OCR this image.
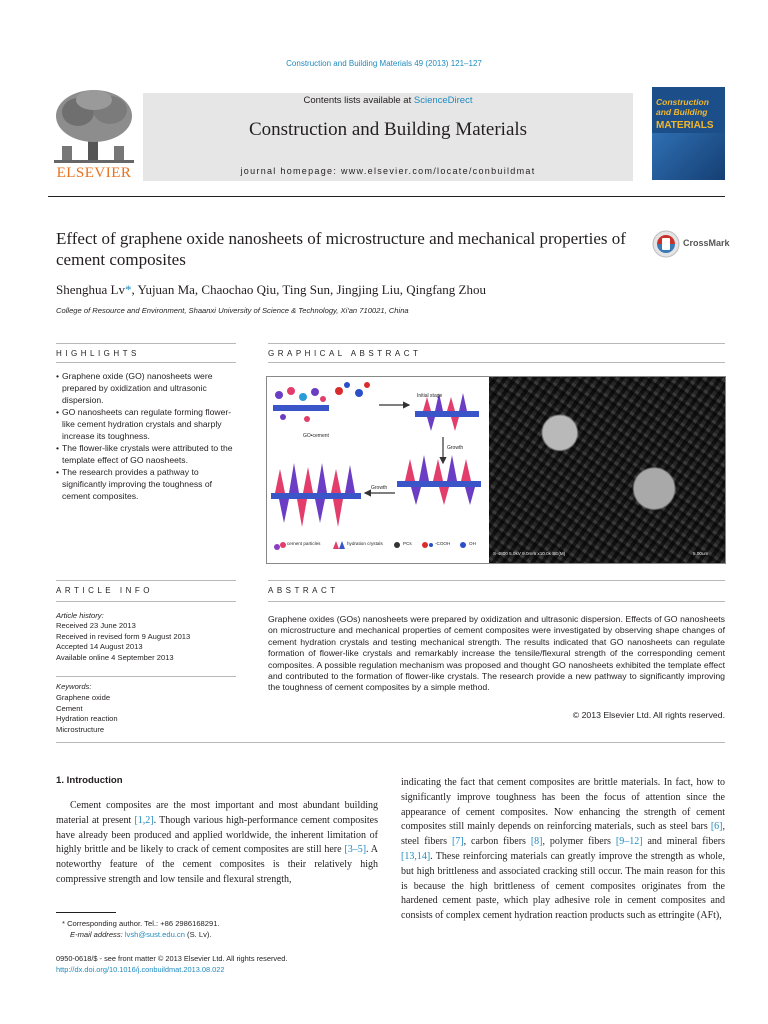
Construction and Building Materials 49 (2013) 121–127
ELSEVIER
Contents lists available at ScienceDirect
Construction and Building Materials
journal homepage: www.elsevier.com/locate/conbuildmat
Construction and Building
MATERIALS
Effect of graphene oxide nanosheets of microstructure and mechanical properties of cement composites
CrossMark
Shenghua Lv*, Yujuan Ma, Chaochao Qiu, Ting Sun, Jingjing Liu, Qingfang Zhou
College of Resource and Environment, Shaanxi University of Science & Technology, Xi'an 710021, China
HIGHLIGHTS	GRAPHICAL ABSTRACT
• Graphene oxide (GO) nanosheets were prepared by oxidization and ultrasonic dispersion.
• GO nanosheets can regulate forming flower-like cement hydration crystals and sharply increase its toughness.
• The flower-like crystals were attributed to the template effect of GO naosheets.
• The research provides a pathway to significantly improving the toughness of cement composites.
Initial stage
GO•cement
Growth
Growth
cement particles	hydration crystals	PCs	-COOH	OH
S-4800 5.0kV 9.0mm x10.0k SE(M)	5.00um
ARTICLE INFO	ABSTRACT
Article history:
Received 23 June 2013
Received in revised form 9 August 2013
Accepted 14 August 2013
Available online 4 September 2013
Keywords:
Graphene oxide
Cement
Hydration reaction
Microstructure
Graphene oxides (GOs) nanosheets were prepared by oxidization and ultrasonic dispersion. Effects of GO nanosheets on microstructure and mechanical properties of cement composites were investigated by observing shape changes of cement hydration crystals and testing mechanical strength. The results indicated that GO nanosheets can regulate formation of flower-like crystals and remarkably increase the tensile/flexural strength of the corresponding cement composites. A possible regulation mechanism was proposed and thought GO nanosheets exhibited the template effect and contributed to the formation of flower-like crystals. The research provide a new pathway to significantly improving the toughness of cement composites by a simple method.
© 2013 Elsevier Ltd. All rights reserved.
1. Introduction

Cement composites are the most important and most abundant building material at present [1,2]. Though various high-performance cement composites have already been produced and applied worldwide, the inherent limitation of highly brittle and be likely to crack of cement composites are still here [3–5]. A noteworthy feature of the cement composites is their relatively high compressive strength and low tensile and flexural strength,

indicating the fact that cement composites are brittle materials. In fact, how to significantly improve toughness has been the focus of attention since the appearance of cement composites. Now enhancing the strength of cement composites still mainly depends on reinforcing materials, such as steel bars [6], steel fibers [7], carbon fibers [8], polymer fibers [9–12] and mineral fibers [13,14]. These reinforcing materials can greatly improve the strength as whole, but high brittleness and associated cracking still occur. The main reason for this is because the high brittleness of cement composites originates from the hardened cement paste, which play adhesive role in cement composites and consists of complex cement hydration reaction products such as ettringite (AFt),

* Corresponding author. Tel.: +86 2986168291.
E-mail address: lvsh@sust.edu.cn (S. Lv).
0950-0618/$ - see front matter © 2013 Elsevier Ltd. All rights reserved.
http://dx.doi.org/10.1016/j.conbuildmat.2013.08.022
